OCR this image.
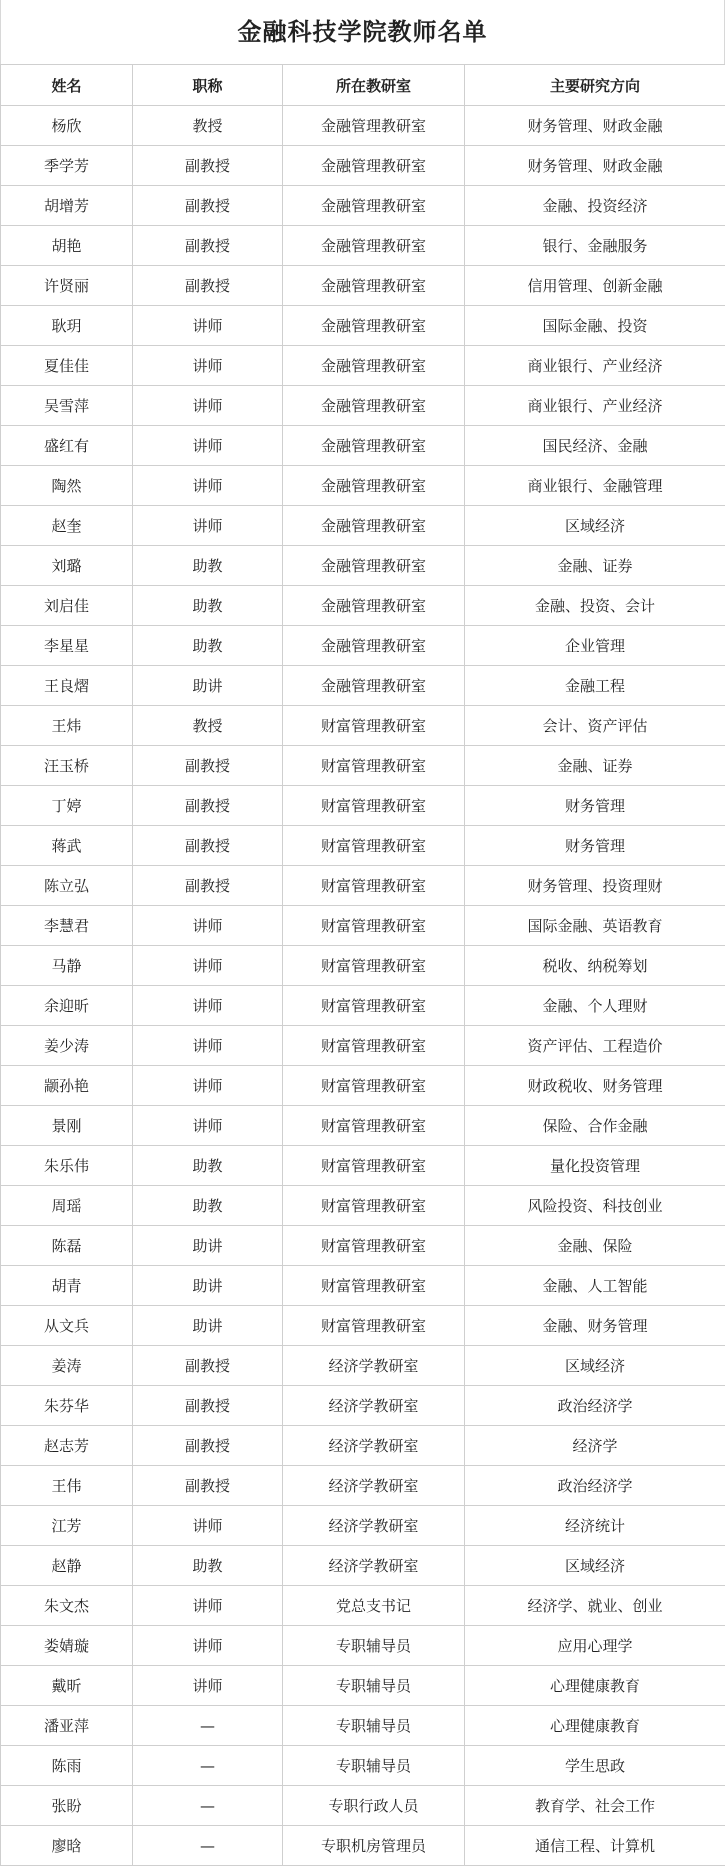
金融科技学院教师名单
姓名	职称	所在教研室	主要研究方向
杨欣	教授	金融管理教研室	财务管理、财政金融
季学芳	副教授	金融管理教研室	财务管理、财政金融
胡增芳	副教授	金融管理教研室	金融、投资经济
胡艳	副教授	金融管理教研室	银行、金融服务
许贤丽	副教授	金融管理教研室	信用管理、创新金融
耿玥	讲师	金融管理教研室	国际金融、投资
夏佳佳	讲师	金融管理教研室	商业银行、产业经济
吴雪萍	讲师	金融管理教研室	商业银行、产业经济
盛红有	讲师	金融管理教研室	国民经济、金融
陶然	讲师	金融管理教研室	商业银行、金融管理
赵奎	讲师	金融管理教研室	区域经济
刘璐	助教	金融管理教研室	金融、证券
刘启佳	助教	金融管理教研室	金融、投资、会计
李星星	助教	金融管理教研室	企业管理
王良熠	助讲	金融管理教研室	金融工程
王炜	教授	财富管理教研室	会计、资产评估
汪玉桥	副教授	财富管理教研室	金融、证券
丁婷	副教授	财富管理教研室	财务管理
蒋武	副教授	财富管理教研室	财务管理
陈立弘	副教授	财富管理教研室	财务管理、投资理财
李慧君	讲师	财富管理教研室	国际金融、英语教育
马静	讲师	财富管理教研室	税收、纳税筹划
余迎昕	讲师	财富管理教研室	金融、个人理财
姜少涛	讲师	财富管理教研室	资产评估、工程造价
颛孙艳	讲师	财富管理教研室	财政税收、财务管理
景刚	讲师	财富管理教研室	保险、合作金融
朱乐伟	助教	财富管理教研室	量化投资管理
周瑶	助教	财富管理教研室	风险投资、科技创业
陈磊	助讲	财富管理教研室	金融、保险
胡青	助讲	财富管理教研室	金融、人工智能
从文兵	助讲	财富管理教研室	金融、财务管理
姜涛	副教授	经济学教研室	区域经济
朱芬华	副教授	经济学教研室	政治经济学
赵志芳	副教授	经济学教研室	经济学
王伟	副教授	经济学教研室	政治经济学
江芳	讲师	经济学教研室	经济统计
赵静	助教	经济学教研室	区域经济
朱文杰	讲师	党总支书记	经济学、就业、创业
娄婧璇	讲师	专职辅导员	应用心理学
戴昕	讲师	专职辅导员	心理健康教育
潘亚萍	—	专职辅导员	心理健康教育
陈雨	—	专职辅导员	学生思政
张盼	—	专职行政人员	教育学、社会工作
廖晗	—	专职机房管理员	通信工程、计算机
